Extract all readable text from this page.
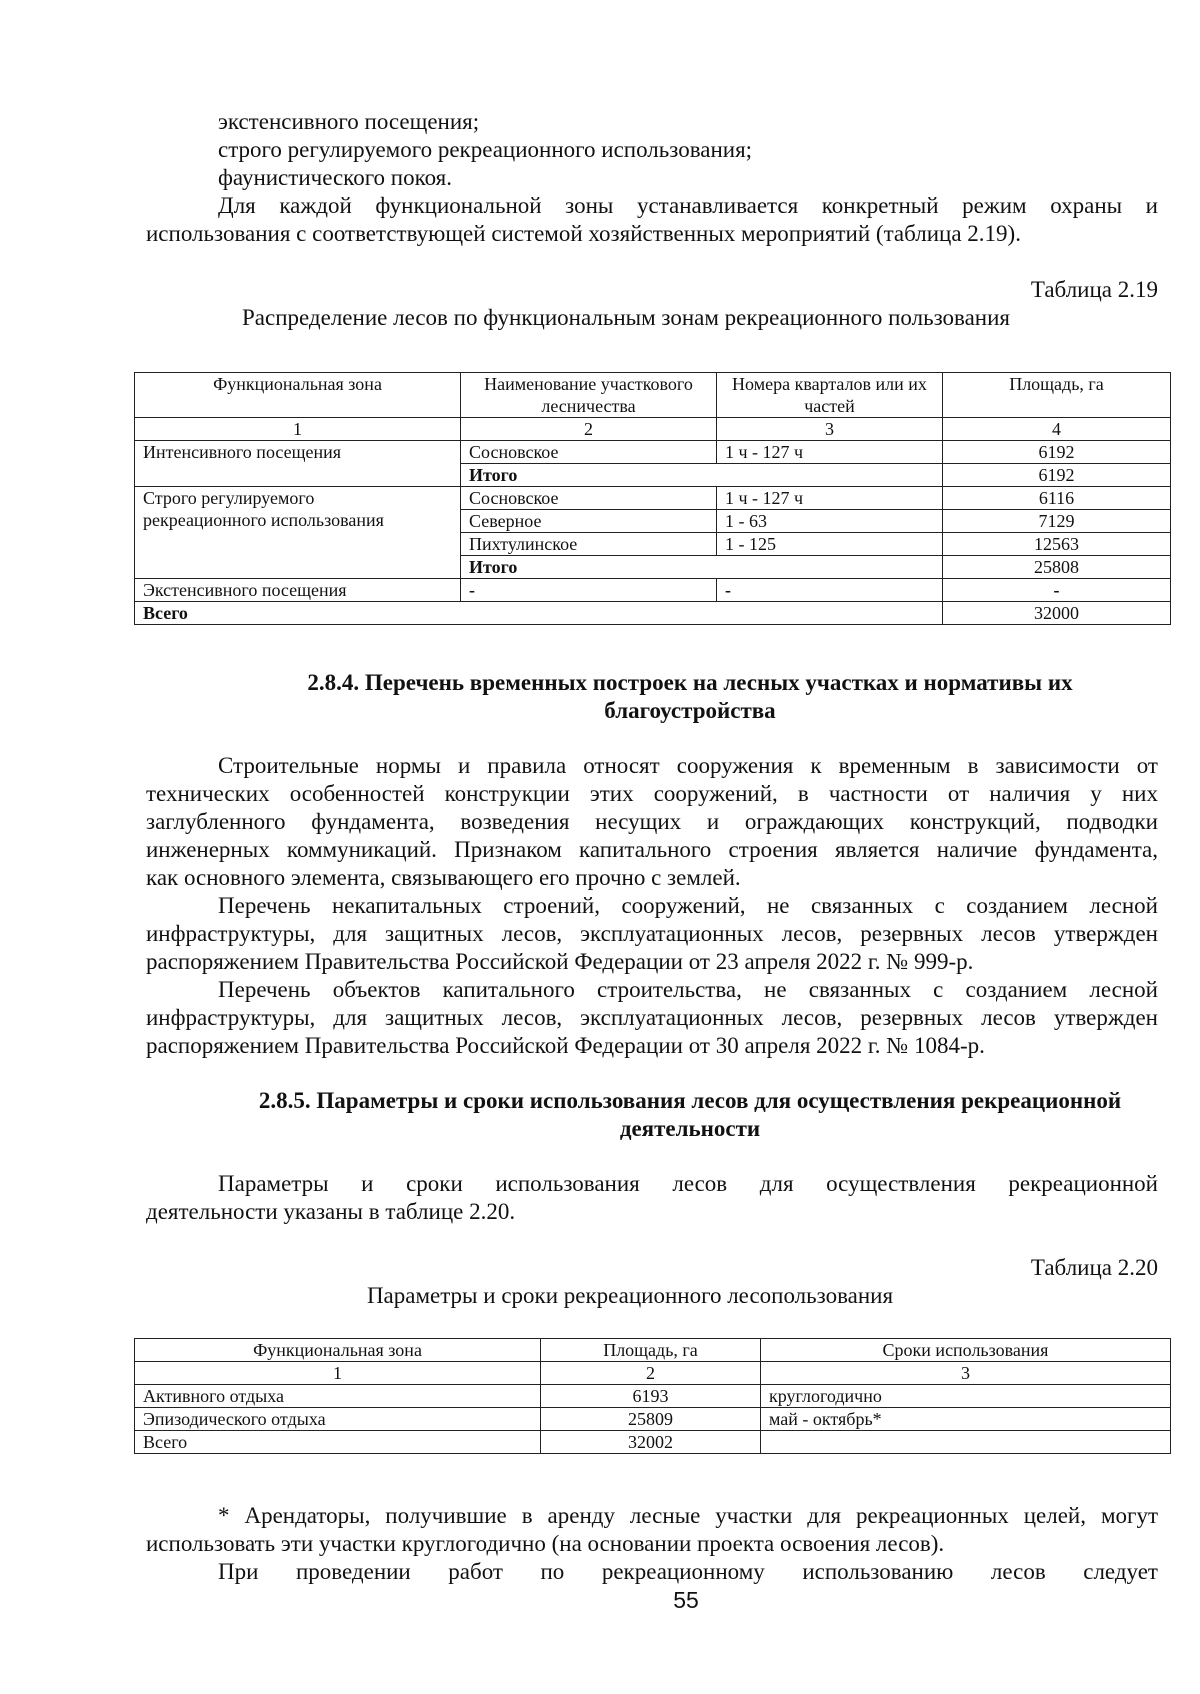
экстенсивного посещения;
строго регулируемого рекреационного использования;
фаунистического покоя.
Для каждой функциональной зоны устанавливается конкретный режим охраны и
использования с соответствующей системой хозяйственных мероприятий (таблица 2.19).
Таблица 2.19
Распределение лесов по функциональным зонам рекреационного пользования
Функциональная зона	Наименование участкового лесничества	Номера кварталов или их частей	Площадь, га
1	2	3	4
Интенсивного посещения	Сосновское	1 ч - 127 ч	6192
	Итого		6192

Строго регулируемого
рекреационного использования	Сосновское	1 ч - 127 ч	6116
	Северное	1 - 63	7129
	Пихтулинское	1 - 125	12563
	Итого		25808
Экстенсивного посещения	-	-	-
Всего			32000
2.8.4. Перечень временных построек на лесных участках и нормативы их
благоустройства
Строительные нормы и правила относят сооружения к временным в зависимости от
технических особенностей конструкции этих сооружений, в частности от наличия у них
заглубленного фундамента, возведения несущих и ограждающих конструкций, подводки
инженерных коммуникаций. Признаком капитального строения является наличие фундамента,
как основного элемента, связывающего его прочно с землей.
Перечень некапитальных строений, сооружений, не связанных с созданием лесной
инфраструктуры, для защитных лесов, эксплуатационных лесов, резервных лесов утвержден
распоряжением Правительства Российской Федерации от 23 апреля 2022 г. № 999-р.
Перечень объектов капитального строительства, не связанных с созданием лесной
инфраструктуры, для защитных лесов, эксплуатационных лесов, резервных лесов утвержден
распоряжением Правительства Российской Федерации от 30 апреля 2022 г. № 1084-р.
2.8.5. Параметры и сроки использования лесов для осуществления рекреационной
деятельности
Параметры и сроки использования лесов для осуществления рекреационной
деятельности указаны в таблице 2.20.
Таблица 2.20
Параметры и сроки рекреационного лесопользования
Функциональная зона	Площадь, га	Сроки использования
1	2	3
Активного отдыха	6193	круглогодично
Эпизодического отдыха	25809	май - октябрь*
Всего	32002	
* Арендаторы, получившие в аренду лесные участки для рекреационных целей, могут
использовать эти участки круглогодично (на основании проекта освоения лесов).
При проведении работ по рекреационному использованию лесов следует
55
